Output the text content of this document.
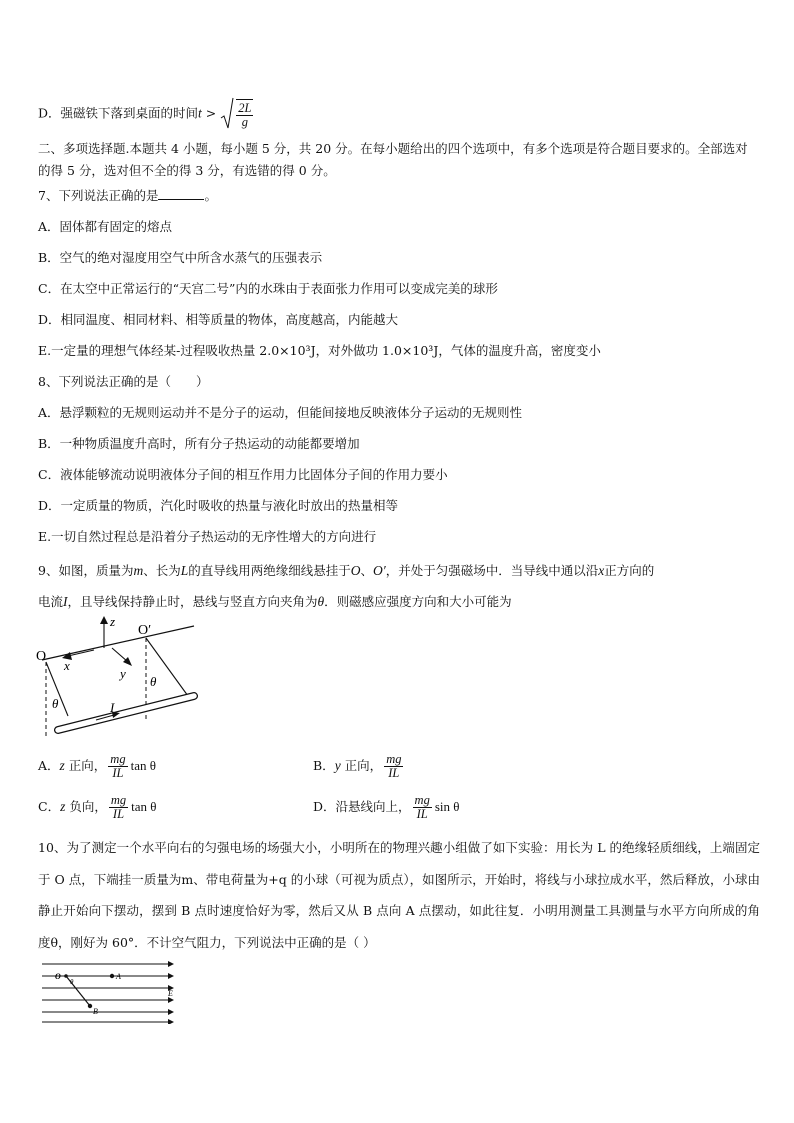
D．强磁铁下落到桌面的时间$t > \frac{2L}{g}$
二、多项选择题.本题共 4 小题，每小题 5 分，共 20 分。在每小题给出的四个选项中，有多个选项是符合题目要求的。全部选对的得 5 分，选对但不全的得 3 分，有选错的得 0 分。
7、下列说法正确的是	。
A．固体都有固定的熔点
B．空气的绝对湿度用空气中所含水蒸气的压强表示
C．在太空中正常运行的“天宫二号”内的水珠由于表面张力作用可以变成完美的球形
D．相同温度、相同材料、相等质量的物体，高度越高，内能越大
E.一定量的理想气体经某-过程吸收热量 2.0×10³J，对外做功 1.0×10³J，气体的温度升高，密度变小
8、下列说法正确的是（　　）
A．悬浮颗粒的无规则运动并不是分子的运动，但能间接地反映液体分子运动的无规则性
B．一种物质温度升高时，所有分子热运动的动能都要增加
C．液体能够流动说明液体分子间的相互作用力比固体分子间的作用力要小
D．一定质量的物质，汽化时吸收的热量与液化时放出的热量相等
E.一切自然过程总是沿着分子热运动的无序性增大的方向进行
9、如图，质量为m、长为L的直导线用两绝缘细线悬挂于O、O′，并处于匀强磁场中．当导线中通以沿x正方向的
电流I，且导线保持静止时，悬线与竖直方向夹角为θ．则磁感应强度方向和大小可能为
O
O′
z
x
y
θ
θ	I
A．z 正向， $\frac{mg}{IL}$ tan θ	B．y 正向， $\frac{mg}{IL}$
C．z 负向， $\frac{mg}{IL}$ tan θ	D．沿悬线向上， $\frac{mg}{IL}$ sin θ
10、为了测定一个水平向右的匀强电场的场强大小，小明所在的物理兴趣小组做了如下实验：用长为 L 的绝缘轻质细线，上端固定于 O 点，下端挂一质量为m、带电荷量为+q 的小球（可视为质点），如图所示，开始时，将线与小球拉成水平，然后释放，小球由静止开始向下摆动，摆到 B 点时速度恰好为零，然后又从 B 点向 A 点摆动，如此往复．小明用测量工具测量与水平方向所成的角度θ，刚好为 60°．不计空气阻力，下列说法中正确的是（ ）
O
θ
A
B
E
